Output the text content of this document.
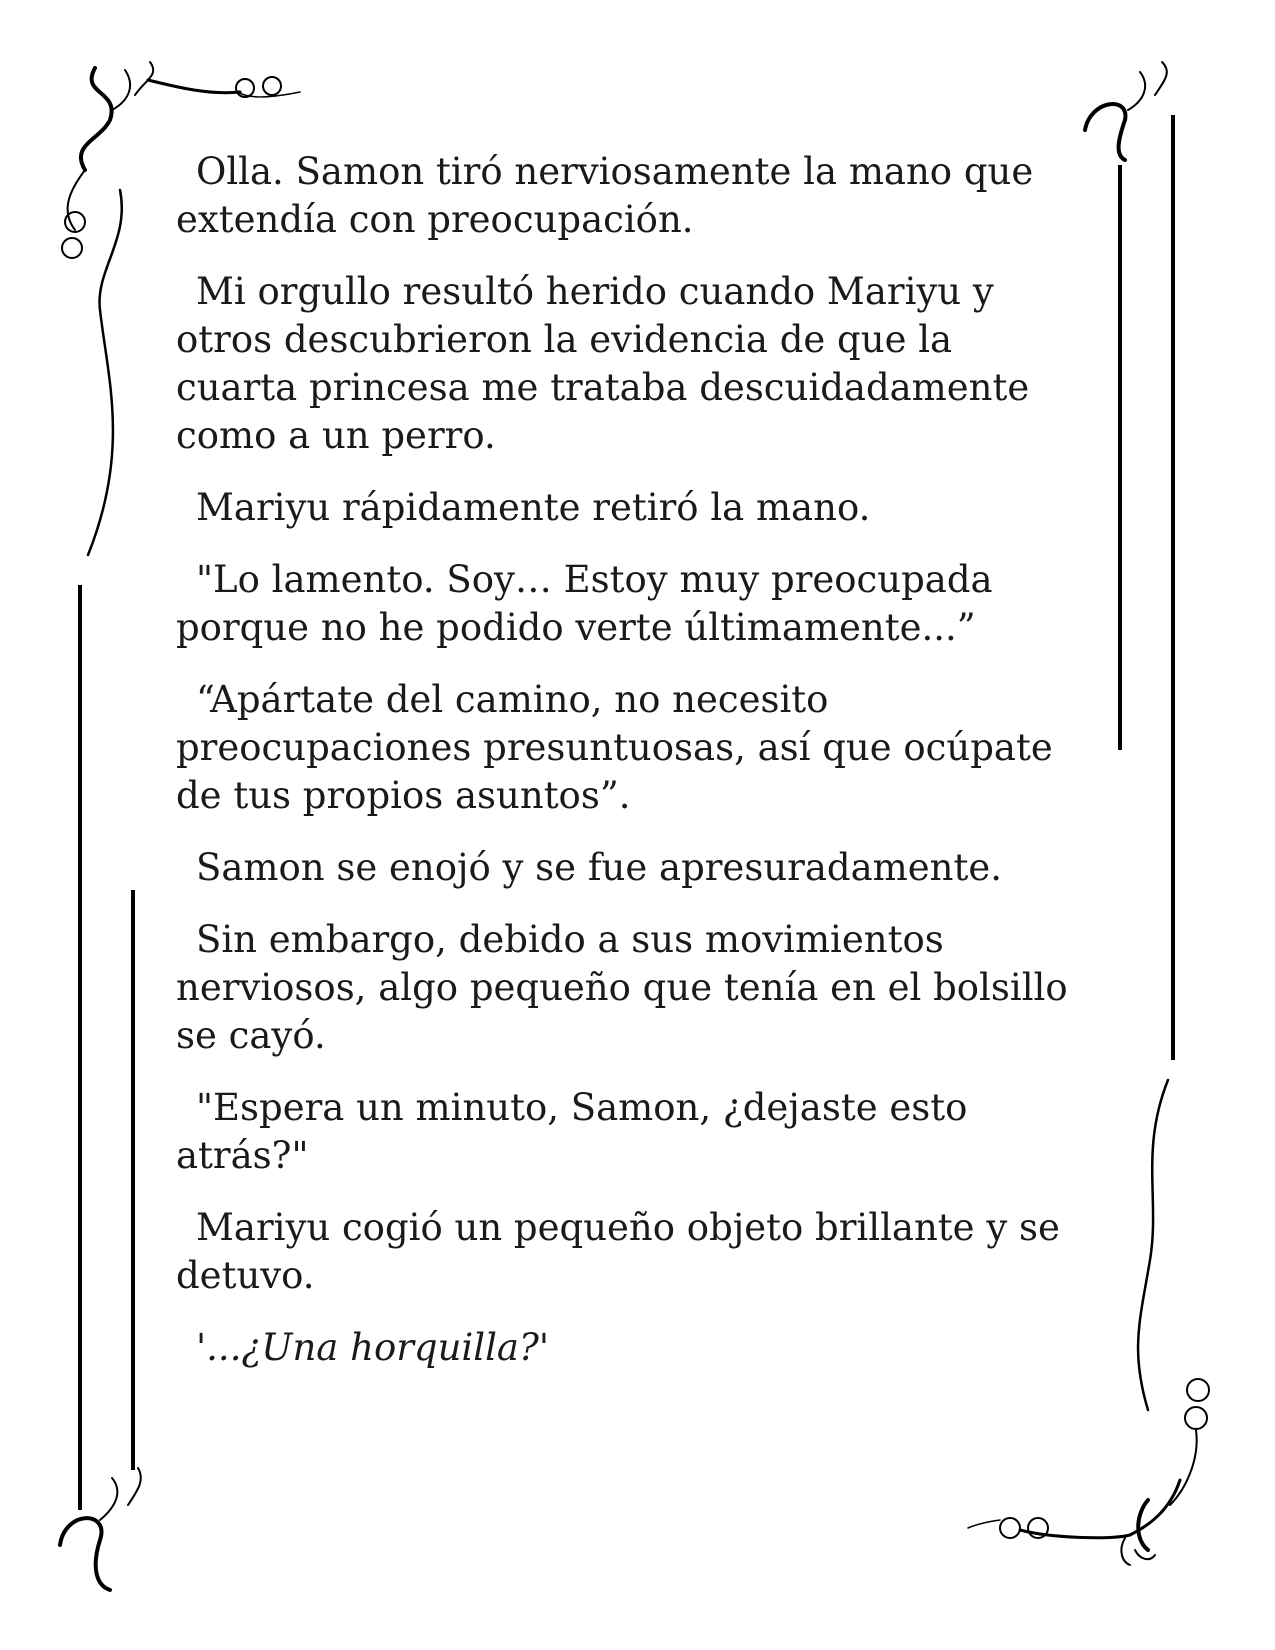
Olla. Samon tiró nerviosamente la mano que
extendía con preocupación.

Mi orgullo resultó herido cuando Mariyu y
otros descubrieron la evidencia de que la
cuarta princesa me trataba descuidadamente
como a un perro.

Mariyu rápidamente retiró la mano.

"Lo lamento. Soy… Estoy muy preocupada
porque no he podido verte últimamente...”

“Apártate del camino, no necesito
preocupaciones presuntuosas, así que ocúpate
de tus propios asuntos”.

Samon se enojó y se fue apresuradamente.

Sin embargo, debido a sus movimientos
nerviosos, algo pequeño que tenía en el bolsillo
se cayó.

"Espera un minuto, Samon, ¿dejaste esto
atrás?"

Mariyu cogió un pequeño objeto brillante y se
detuvo.

'...¿Una horquilla?'
